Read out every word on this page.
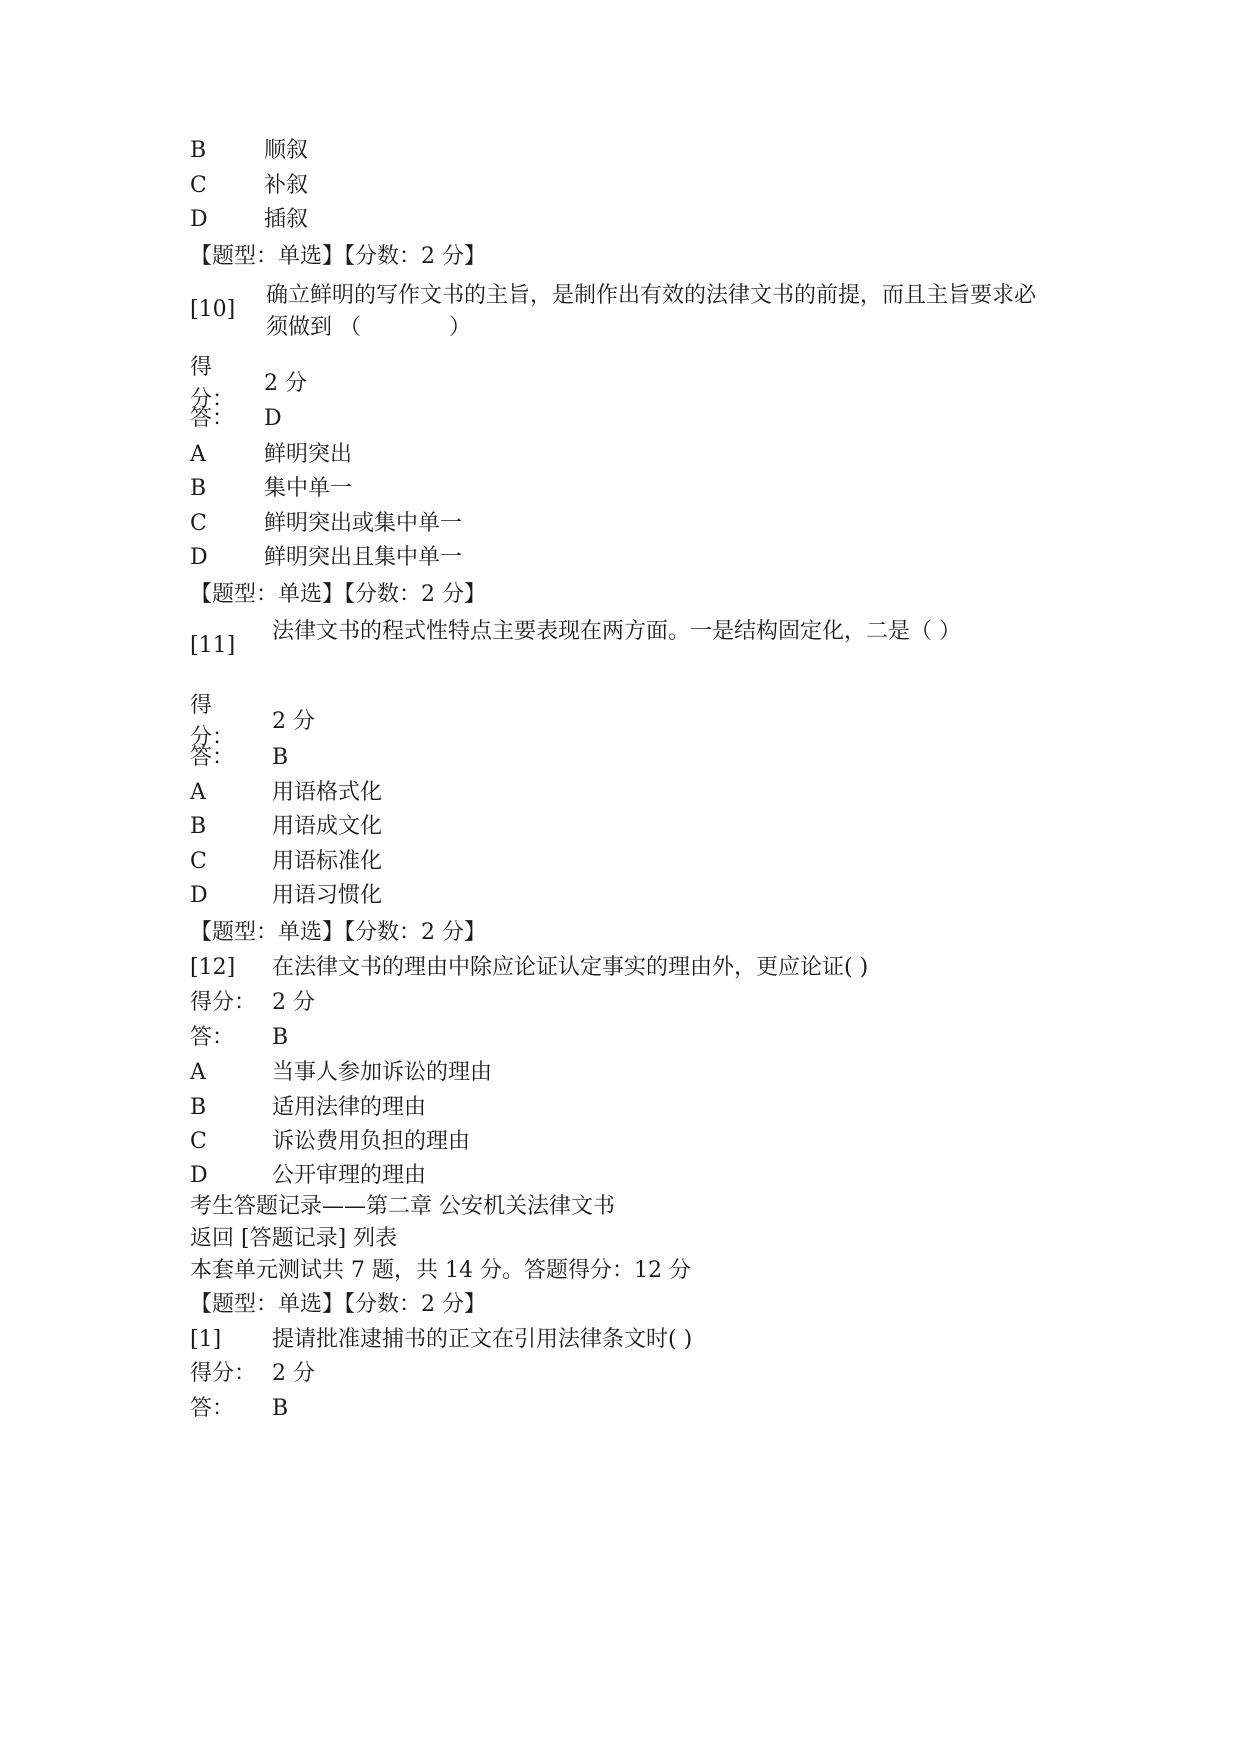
B	顺叙
C	补叙
D	插叙
【题型：单选】【分数：2 分】
[10]
确立鲜明的写作文书的主旨，是制作出有效的法律文书的前提，而且主旨要求必须做到 （　　　　）
得分：
2 分
答： D
A	鲜明突出
B	集中单一
C	鲜明突出或集中单一
D	鲜明突出且集中单一
【题型：单选】【分数：2 分】
[11]
法律文书的程式性特点主要表现在两方面。一是结构固定化，二是（ ）
得分：
2 分
答： B
A	用语格式化
B	用语成文化
C	用语标准化
D	用语习惯化
【题型：单选】【分数：2 分】
[12] 在法律文书的理由中除应论证认定事实的理由外，更应论证( )
得分： 2 分
答： B
A	当事人参加诉讼的理由
B	适用法律的理由
C	诉讼费用负担的理由
D	公开审理的理由
考生答题记录——第二章 公安机关法律文书
返回 [答题记录] 列表
本套单元测试共 7 题，共 14 分。答题得分：12 分
【题型：单选】【分数：2 分】
[1] 提请批准逮捕书的正文在引用法律条文时( )
得分： 2 分
答： B
